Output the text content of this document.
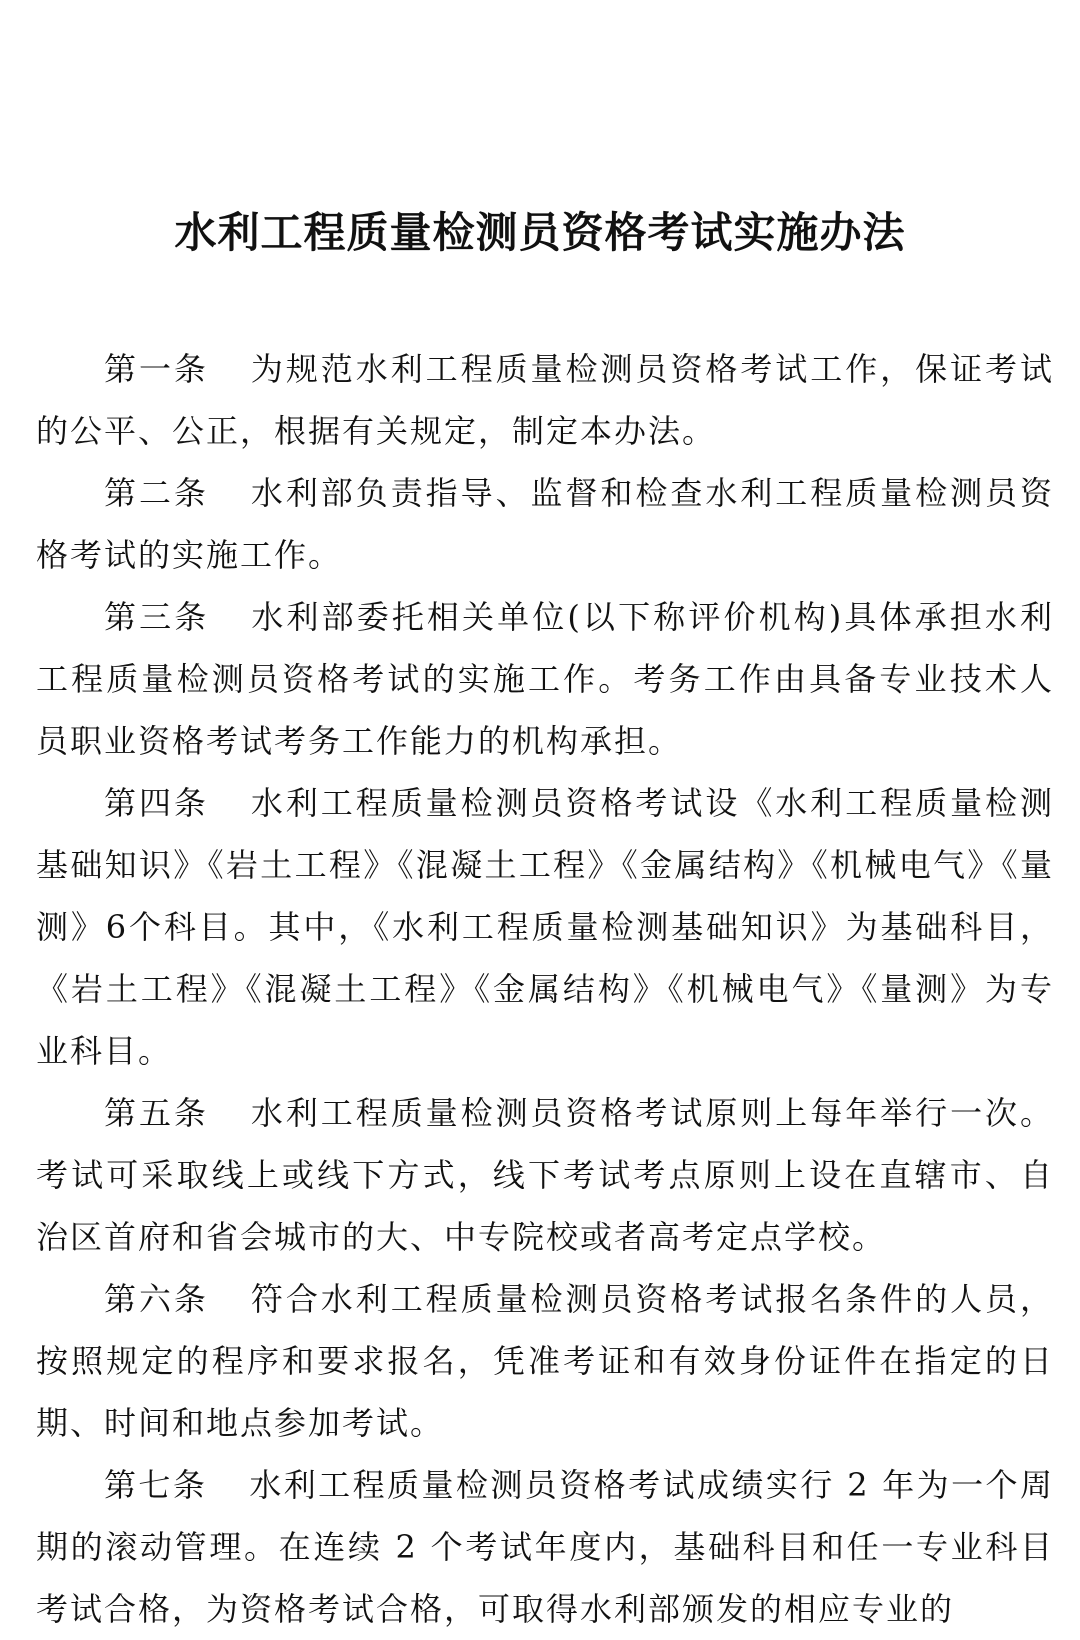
水利工程质量检测员资格考试实施办法

第一条 为规范水利工程质量检测员资格考试工作，保证考试的公平、公正，根据有关规定，制定本办法。

第二条 水利部负责指导、监督和检查水利工程质量检测员资格考试的实施工作。

第三条 水利部委托相关单位(以下称评价机构)具体承担水利工程质量检测员资格考试的实施工作。考务工作由具备专业技术人员职业资格考试考务工作能力的机构承担。

第四条 水利工程质量检测员资格考试设《水利工程质量检测基础知识》《岩土工程》《混凝土工程》《金属结构》《机械电气》《量测》6个科目。其中，《水利工程质量检测基础知识》为基础科目，《岩土工程》《混凝土工程》《金属结构》《机械电气》《量测》为专业科目。

第五条 水利工程质量检测员资格考试原则上每年举行一次。考试可采取线上或线下方式，线下考试考点原则上设在直辖市、自治区首府和省会城市的大、中专院校或者高考定点学校。

第六条 符合水利工程质量检测员资格考试报名条件的人员，按照规定的程序和要求报名，凭准考证和有效身份证件在指定的日期、时间和地点参加考试。

第七条 水利工程质量检测员资格考试成绩实行 2 年为一个周期的滚动管理。在连续 2 个考试年度内，基础科目和任一专业科目考试合格，为资格考试合格，可取得水利部颁发的相应专业的
